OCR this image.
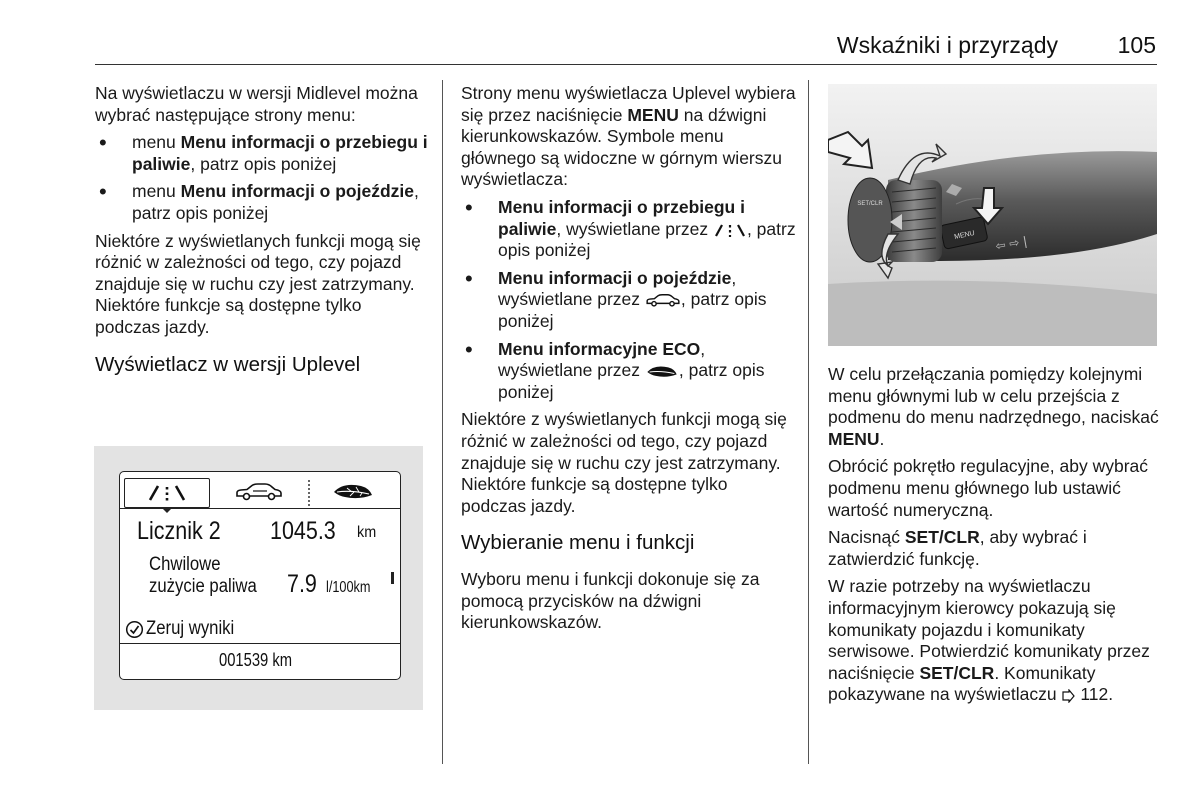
Wskaźniki i przyrządy	105

Na wyświetlaczu w wersji Midlevel można wybrać następujące strony menu:

• menu Menu informacji o przebiegu i paliwie, patrz opis poniżej
• menu Menu informacji o pojeździe, patrz opis poniżej

Niektóre z wyświetlanych funkcji mogą się różnić w zależności od tego, czy pojazd znajduje się w ruchu czy jest zatrzymany. Niektóre funkcje są dostępne tylko podczas jazdy.

Wyświetlacz w wersji Uplevel
Licznik 2 1045.3 km
Chwilowe
zużycie paliwa 7.9 l/100km
Zeruj wyniki
001539 km

Strony menu wyświetlacza Uplevel wybiera się przez naciśnięcie MENU na dźwigni kierunkowskazów. Symbole menu głównego są widoczne w górnym wierszu wyświetlacza:

• Menu informacji o przebiegu i paliwie, wyświetlane przez , patrz opis poniżej
• Menu informacji o pojeździe, wyświetlane przez , patrz opis poniżej
• Menu informacyjne ECO, wyświetlane przez , patrz opis poniżej

Niektóre z wyświetlanych funkcji mogą się różnić w zależności od tego, czy pojazd znajduje się w ruchu czy jest zatrzymany. Niektóre funkcje są dostępne tylko podczas jazdy.

Wybieranie menu i funkcji

Wyboru menu i funkcji dokonuje się za pomocą przycisków na dźwigni kierunkowskazów.

MENU ⇦ ⇨ |
SET/CLR

W celu przełączania pomiędzy kolejnymi menu głównymi lub w celu przejścia z podmenu do menu nadrzędnego, naciskać MENU.

Obrócić pokrętło regulacyjne, aby wybrać podmenu menu głównego lub ustawić wartość numeryczną.

Nacisnąć SET/CLR, aby wybrać i zatwierdzić funkcję.

W razie potrzeby na wyświetlaczu informacyjnym kierowcy pokazują się komunikaty pojazdu i komunikaty serwisowe. Potwierdzić komunikaty przez naciśnięcie SET/CLR. Komunikaty pokazywane na wyświetlaczu  112.
